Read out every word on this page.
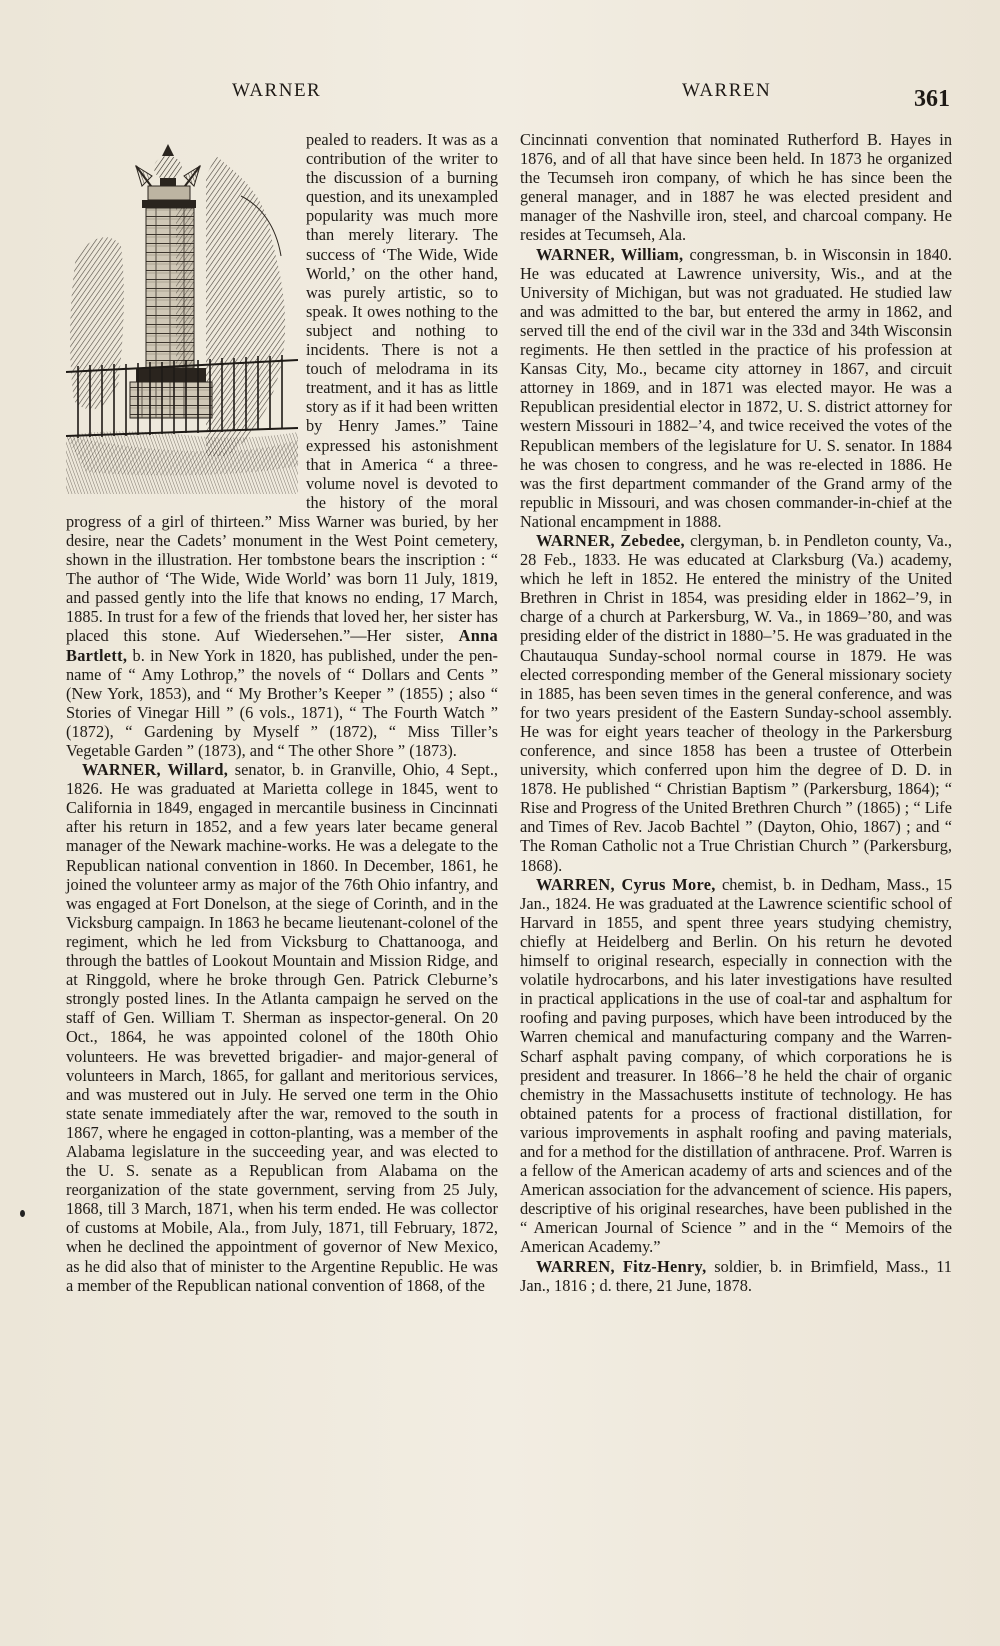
WARNER	WARREN	361

pealed to readers. It was as a contribution of the writer to the discussion of a burning question, and its unexampled popularity was much more than merely literary. The success of ‘The Wide, Wide World,’ on the other hand, was purely artistic, so to speak. It owes nothing to the subject and nothing to incidents. There is not a touch of melodrama in its treatment, and it has as little story as if it had been written by Henry James.” Taine expressed his astonishment that in America “ a three-volume novel is devoted to the history of the moral progress of a girl of thirteen.” Miss Warner was buried, by her desire, near the Cadets’ monument in the West Point cemetery, shown in the illustration. Her tombstone bears the inscription : “ The author of ‘The Wide, Wide World’ was born 11 July, 1819, and passed gently into the life that knows no ending, 17 March, 1885. In trust for a few of the friends that loved her, her sister has placed this stone. Auf Wiedersehen.”—Her sister, Anna Bartlett, b. in New York in 1820, has published, under the pen-name of “ Amy Lothrop,” the novels of “ Dollars and Cents ” (New York, 1853), and “ My Brother’s Keeper ” (1855) ; also “ Stories of Vinegar Hill ” (6 vols., 1871), “ The Fourth Watch ” (1872), “ Gardening by Myself ” (1872), “ Miss Tiller’s Vegetable Garden ” (1873), and “ The other Shore ” (1873).

WARNER, Willard, senator, b. in Granville, Ohio, 4 Sept., 1826. He was graduated at Marietta college in 1845, went to California in 1849, engaged in mercantile business in Cincinnati after his return in 1852, and a few years later became general manager of the Newark machine-works. He was a delegate to the Republican national convention in 1860. In December, 1861, he joined the volunteer army as major of the 76th Ohio infantry, and was engaged at Fort Donelson, at the siege of Corinth, and in the Vicksburg campaign. In 1863 he became lieutenant-colonel of the regiment, which he led from Vicksburg to Chattanooga, and through the battles of Lookout Mountain and Mission Ridge, and at Ringgold, where he broke through Gen. Patrick Cleburne’s strongly posted lines. In the Atlanta campaign he served on the staff of Gen. William T. Sherman as inspector-general. On 20 Oct., 1864, he was appointed colonel of the 180th Ohio volunteers. He was brevetted brigadier- and major-general of volunteers in March, 1865, for gallant and meritorious services, and was mustered out in July. He served one term in the Ohio state senate immediately after the war, removed to the south in 1867, where he engaged in cotton-planting, was a member of the Alabama legislature in the succeeding year, and was elected to the U. S. senate as a Republican from Alabama on the reorganization of the state government, serving from 25 July, 1868, till 3 March, 1871, when his term ended. He was collector of customs at Mobile, Ala., from July, 1871, till February, 1872, when he declined the appointment of governor of New Mexico, as he did also that of minister to the Argentine Republic. He was a member of the Republican national convention of 1868, of the

Cincinnati convention that nominated Rutherford B. Hayes in 1876, and of all that have since been held. In 1873 he organized the Tecumseh iron company, of which he has since been the general manager, and in 1887 he was elected president and manager of the Nashville iron, steel, and charcoal company. He resides at Tecumseh, Ala.

WARNER, William, congressman, b. in Wisconsin in 1840. He was educated at Lawrence university, Wis., and at the University of Michigan, but was not graduated. He studied law and was admitted to the bar, but entered the army in 1862, and served till the end of the civil war in the 33d and 34th Wisconsin regiments. He then settled in the practice of his profession at Kansas City, Mo., became city attorney in 1867, and circuit attorney in 1869, and in 1871 was elected mayor. He was a Republican presidential elector in 1872, U. S. district attorney for western Missouri in 1882–’4, and twice received the votes of the Republican members of the legislature for U. S. senator. In 1884 he was chosen to congress, and he was re-elected in 1886. He was the first department commander of the Grand army of the republic in Missouri, and was chosen commander-in-chief at the National encampment in 1888.

WARNER, Zebedee, clergyman, b. in Pendleton county, Va., 28 Feb., 1833. He was educated at Clarksburg (Va.) academy, which he left in 1852. He entered the ministry of the United Brethren in Christ in 1854, was presiding elder in 1862–’9, in charge of a church at Parkersburg, W. Va., in 1869–’80, and was presiding elder of the district in 1880–’5. He was graduated in the Chautauqua Sunday-school normal course in 1879. He was elected corresponding member of the General missionary society in 1885, has been seven times in the general conference, and was for two years president of the Eastern Sunday-school assembly. He was for eight years teacher of theology in the Parkersburg conference, and since 1858 has been a trustee of Otterbein university, which conferred upon him the degree of D. D. in 1878. He published “ Christian Baptism ” (Parkersburg, 1864); “ Rise and Progress of the United Brethren Church ” (1865) ; “ Life and Times of Rev. Jacob Bachtel ” (Dayton, Ohio, 1867) ; and “ The Roman Catholic not a True Christian Church ” (Parkersburg, 1868).

WARREN, Cyrus More, chemist, b. in Dedham, Mass., 15 Jan., 1824. He was graduated at the Lawrence scientific school of Harvard in 1855, and spent three years studying chemistry, chiefly at Heidelberg and Berlin. On his return he devoted himself to original research, especially in connection with the volatile hydrocarbons, and his later investigations have resulted in practical applications in the use of coal-tar and asphaltum for roofing and paving purposes, which have been introduced by the Warren chemical and manufacturing company and the Warren-Scharf asphalt paving company, of which corporations he is president and treasurer. In 1866–’8 he held the chair of organic chemistry in the Massachusetts institute of technology. He has obtained patents for a process of fractional distillation, for various improvements in asphalt roofing and paving materials, and for a method for the distillation of anthracene. Prof. Warren is a fellow of the American academy of arts and sciences and of the American association for the advancement of science. His papers, descriptive of his original researches, have been published in the “ American Journal of Science ” and in the “ Memoirs of the American Academy.”

WARREN, Fitz-Henry, soldier, b. in Brimfield, Mass., 11 Jan., 1816 ; d. there, 21 June, 1878.
